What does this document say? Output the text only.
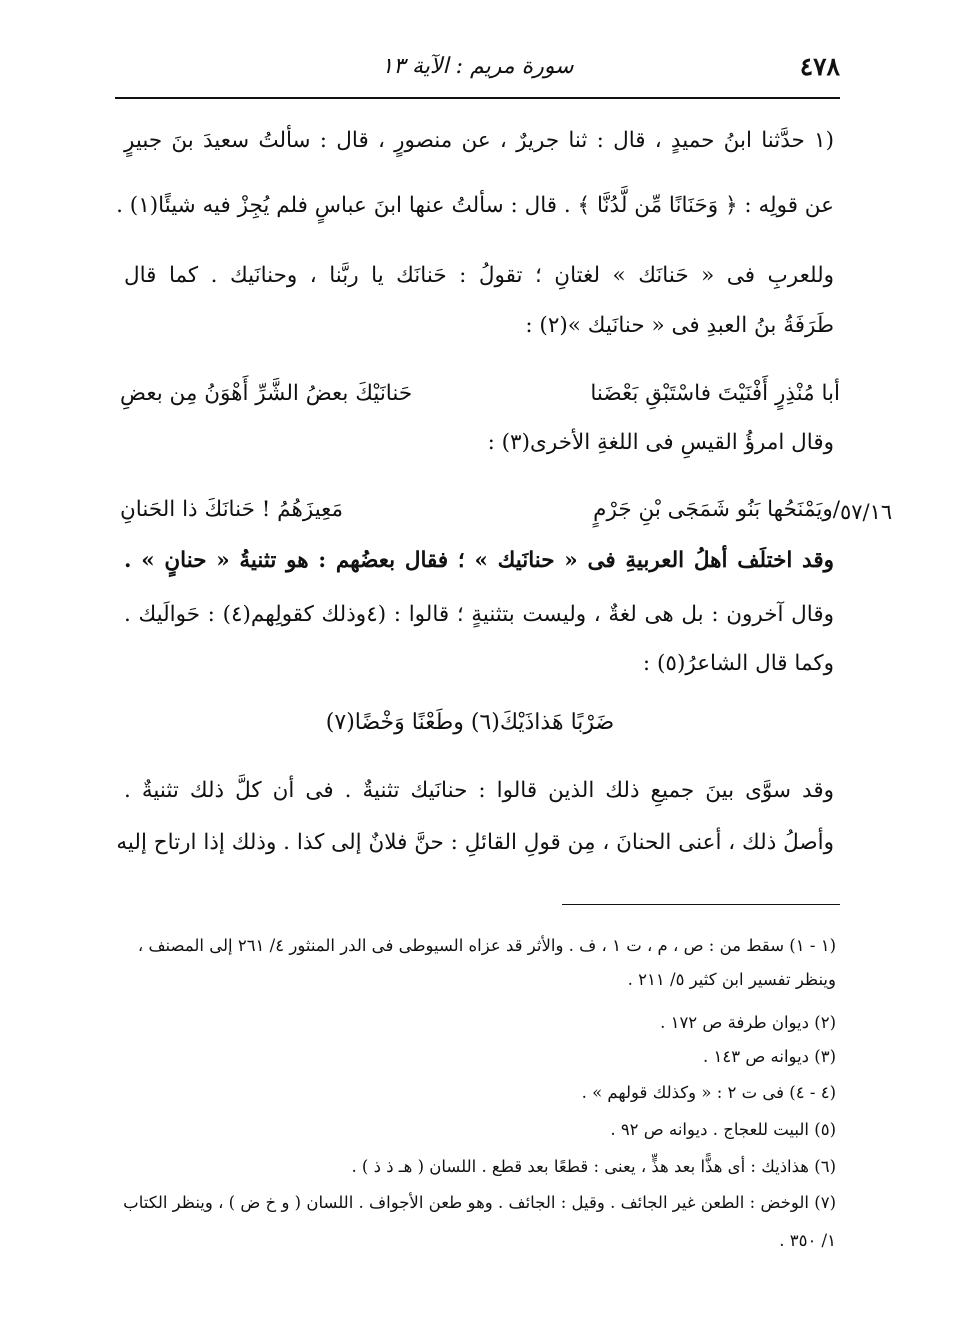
٤٧٨
سورة مريم : الآية ١٣
(١ حدَّثنا ابنُ حميدٍ ، قال : ثنا جريرٌ ، عن منصورٍ ، قال : سألتُ سعيدَ بنَ جبيرٍ
عن قولِه : ﴿ وَحَنَانًا مِّن لَّدُنَّا ﴾ . قال : سألتُ عنها ابنَ عباسٍ فلم يُجِزْ فيه شيئًا(١) .
وللعربِ فى « حَنانَك » لغتانِ ؛ تقولُ : حَنانَك يا ربَّنا ، وحنانَيك . كما قال
طَرَفَةُ بنُ العبدِ فى « حنانَيك »(٢) :
أبا مُنْذِرٍ أَفْنَيْتَ فاسْتَبْقِ بَعْضَنا
حَنانَيْكَ بعضُ الشَّرِّ أَهْوَنُ مِن بعضِ
وقال امرؤُ القيسِ فى اللغةِ الأخرى(٣) :
٥٧/١٦
/ويَمْنَحُها بَنُو شَمَجَى بْنِ جَرْمٍ
مَعِيزَهُمُ ! حَنانَكَ ذا الحَنانِ
وقد اختلَف أهلُ العربيةِ فى « حنانَيك » ؛ فقال بعضُهم : هو تثنيةُ « حنانٍ » .
وقال آخرون : بل هى لغةٌ ، وليست بتثنيةٍ ؛ قالوا : (٤وذلك كقولِهم(٤) : حَوالَيك .
وكما قال الشاعرُ(٥) :
ضَرْبًا هَذاذَيْكَ(٦) وطَعْنًا وَخْضًا(٧)
وقد سوَّى بينَ جميعِ ذلك الذين قالوا : حنانَيك تثنيةٌ . فى أن كلَّ ذلك تثنيةٌ .
وأصلُ ذلك ، أعنى الحنانَ ، مِن قولِ القائلِ : حنَّ فلانٌ إلى كذا . وذلك إذا ارتاح إليه
(١ - ١) سقط من : ص ، م ، ت ١ ، ف . والأثر قد عزاه السيوطى فى الدر المنثور ٤/ ٢٦١ إلى المصنف ،
وينظر تفسير ابن كثير ٥/ ٢١١ .
(٢) ديوان طرفة ص ١٧٢ .
(٣) ديوانه ص ١٤٣ .
(٤ - ٤) فى ت ٢ : « وكذلك قولهم » .
(٥) البيت للعجاج . ديوانه ص ٩٢ .
(٦) هذاذيك : أى هذًّا بعد هذٍّ ، يعنى : قطعًا بعد قطع . اللسان ( هـ ذ ذ ) .
(٧) الوخض : الطعن غير الجائف . وقيل : الجائف . وهو طعن الأجواف . اللسان ( و خ ض ) ، وينظر الكتاب
١/ ٣٥٠ .
